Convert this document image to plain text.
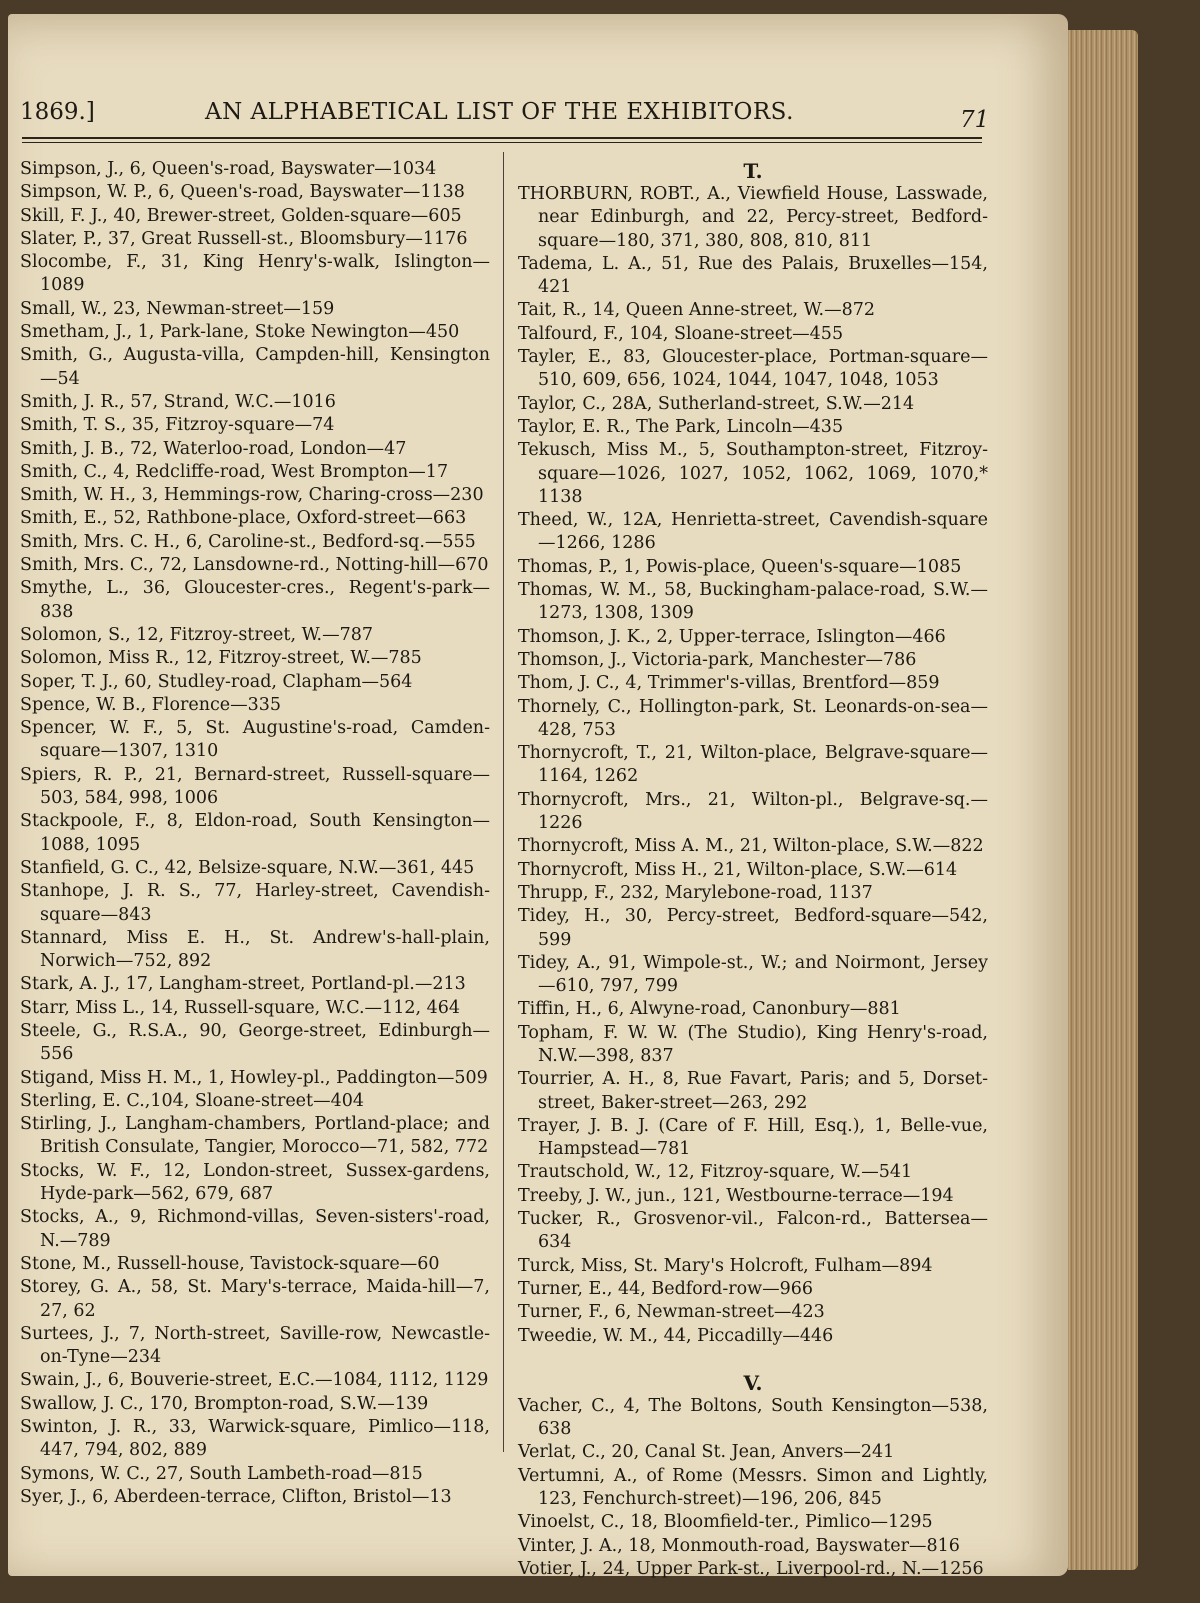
1869.]	AN ALPHABETICAL LIST OF THE EXHIBITORS.	71
Simpson, J., 6, Queen's-road, Bayswater—1034
Simpson, W. P., 6, Queen's-road, Bayswater—1138
Skill, F. J., 40, Brewer-street, Golden-square—605
Slater, P., 37, Great Russell-st., Bloomsbury—1176
Slocombe, F., 31, King Henry's-walk, Islington—1089
Small, W., 23, Newman-street—159
Smetham, J., 1, Park-lane, Stoke Newington—450
Smith, G., Augusta-villa, Campden-hill, Kensington —54
Smith, J. R., 57, Strand, W.C.—1016
Smith, T. S., 35, Fitzroy-square—74
Smith, J. B., 72, Waterloo-road, London—47
Smith, C., 4, Redcliffe-road, West Brompton—17
Smith, W. H., 3, Hemmings-row, Charing-cross—230
Smith, E., 52, Rathbone-place, Oxford-street—663
Smith, Mrs. C. H., 6, Caroline-st., Bedford-sq.—555
Smith, Mrs. C., 72, Lansdowne-rd., Notting-hill—670
Smythe, L., 36, Gloucester-cres., Regent's-park—838
Solomon, S., 12, Fitzroy-street, W.—787
Solomon, Miss R., 12, Fitzroy-street, W.—785
Soper, T. J., 60, Studley-road, Clapham—564
Spence, W. B., Florence—335
Spencer, W. F., 5, St. Augustine's-road, Camden-square—1307, 1310
Spiers, R. P., 21, Bernard-street, Russell-square—503, 584, 998, 1006
Stackpoole, F., 8, Eldon-road, South Kensington—1088, 1095
Stanfield, G. C., 42, Belsize-square, N.W.—361, 445
Stanhope, J. R. S., 77, Harley-street, Cavendish-square—843
Stannard, Miss E. H., St. Andrew's-hall-plain, Norwich—752, 892
Stark, A. J., 17, Langham-street, Portland-pl.—213
Starr, Miss L., 14, Russell-square, W.C.—112, 464
Steele, G., R.S.A., 90, George-street, Edinburgh—556
Stigand, Miss H. M., 1, Howley-pl., Paddington—509
Sterling, E. C.,104, Sloane-street—404
Stirling, J., Langham-chambers, Portland-place; and British Consulate, Tangier, Morocco—71, 582, 772
Stocks, W. F., 12, London-street, Sussex-gardens, Hyde-park—562, 679, 687
Stocks, A., 9, Richmond-villas, Seven-sisters'-road, N.—789
Stone, M., Russell-house, Tavistock-square—60
Storey, G. A., 58, St. Mary's-terrace, Maida-hill—7, 27, 62
Surtees, J., 7, North-street, Saville-row, Newcastle-on-Tyne—234
Swain, J., 6, Bouverie-street, E.C.—1084, 1112, 1129
Swallow, J. C., 170, Brompton-road, S.W.—139
Swinton, J. R., 33, Warwick-square, Pimlico—118, 447, 794, 802, 889
Symons, W. C., 27, South Lambeth-road—815
Syer, J., 6, Aberdeen-terrace, Clifton, Bristol—13
T.
THORBURN, ROBT., A., Viewfield House, Lasswade, near Edinburgh, and 22, Percy-street, Bedford-square—180, 371, 380, 808, 810, 811
Tadema, L. A., 51, Rue des Palais, Bruxelles—154, 421
Tait, R., 14, Queen Anne-street, W.—872
Talfourd, F., 104, Sloane-street—455
Tayler, E., 83, Gloucester-place, Portman-square—510, 609, 656, 1024, 1044, 1047, 1048, 1053
Taylor, C., 28A, Sutherland-street, S.W.—214
Taylor, E. R., The Park, Lincoln—435
Tekusch, Miss M., 5, Southampton-street, Fitzroy-square—1026, 1027, 1052, 1062, 1069, 1070,* 1138
Theed, W., 12A, Henrietta-street, Cavendish-square—1266, 1286
Thomas, P., 1, Powis-place, Queen's-square—1085
Thomas, W. M., 58, Buckingham-palace-road, S.W.—1273, 1308, 1309
Thomson, J. K., 2, Upper-terrace, Islington—466
Thomson, J., Victoria-park, Manchester—786
Thom, J. C., 4, Trimmer's-villas, Brentford—859
Thornely, C., Hollington-park, St. Leonards-on-sea—428, 753
Thornycroft, T., 21, Wilton-place, Belgrave-square—1164, 1262
Thornycroft, Mrs., 21, Wilton-pl., Belgrave-sq.—1226
Thornycroft, Miss A. M., 21, Wilton-place, S.W.—822
Thornycroft, Miss H., 21, Wilton-place, S.W.—614
Thrupp, F., 232, Marylebone-road, 1137
Tidey, H., 30, Percy-street, Bedford-square—542, 599
Tidey, A., 91, Wimpole-st., W.; and Noirmont, Jersey —610, 797, 799
Tiffin, H., 6, Alwyne-road, Canonbury—881
Topham, F. W. W. (The Studio), King Henry's-road, N.W.—398, 837
Tourrier, A. H., 8, Rue Favart, Paris; and 5, Dorset-street, Baker-street—263, 292
Trayer, J. B. J. (Care of F. Hill, Esq.), 1, Belle-vue, Hampstead—781
Trautschold, W., 12, Fitzroy-square, W.—541
Treeby, J. W., jun., 121, Westbourne-terrace—194
Tucker, R., Grosvenor-vil., Falcon-rd., Battersea—634
Turck, Miss, St. Mary's Holcroft, Fulham—894
Turner, E., 44, Bedford-row—966
Turner, F., 6, Newman-street—423
Tweedie, W. M., 44, Piccadilly—446
V.
Vacher, C., 4, The Boltons, South Kensington—538, 638
Verlat, C., 20, Canal St. Jean, Anvers—241
Vertumni, A., of Rome (Messrs. Simon and Lightly, 123, Fenchurch-street)—196, 206, 845
Vinoelst, C., 18, Bloomfield-ter., Pimlico—1295
Vinter, J. A., 18, Monmouth-road, Bayswater—816
Votier, J., 24, Upper Park-st., Liverpool-rd., N.—1256
